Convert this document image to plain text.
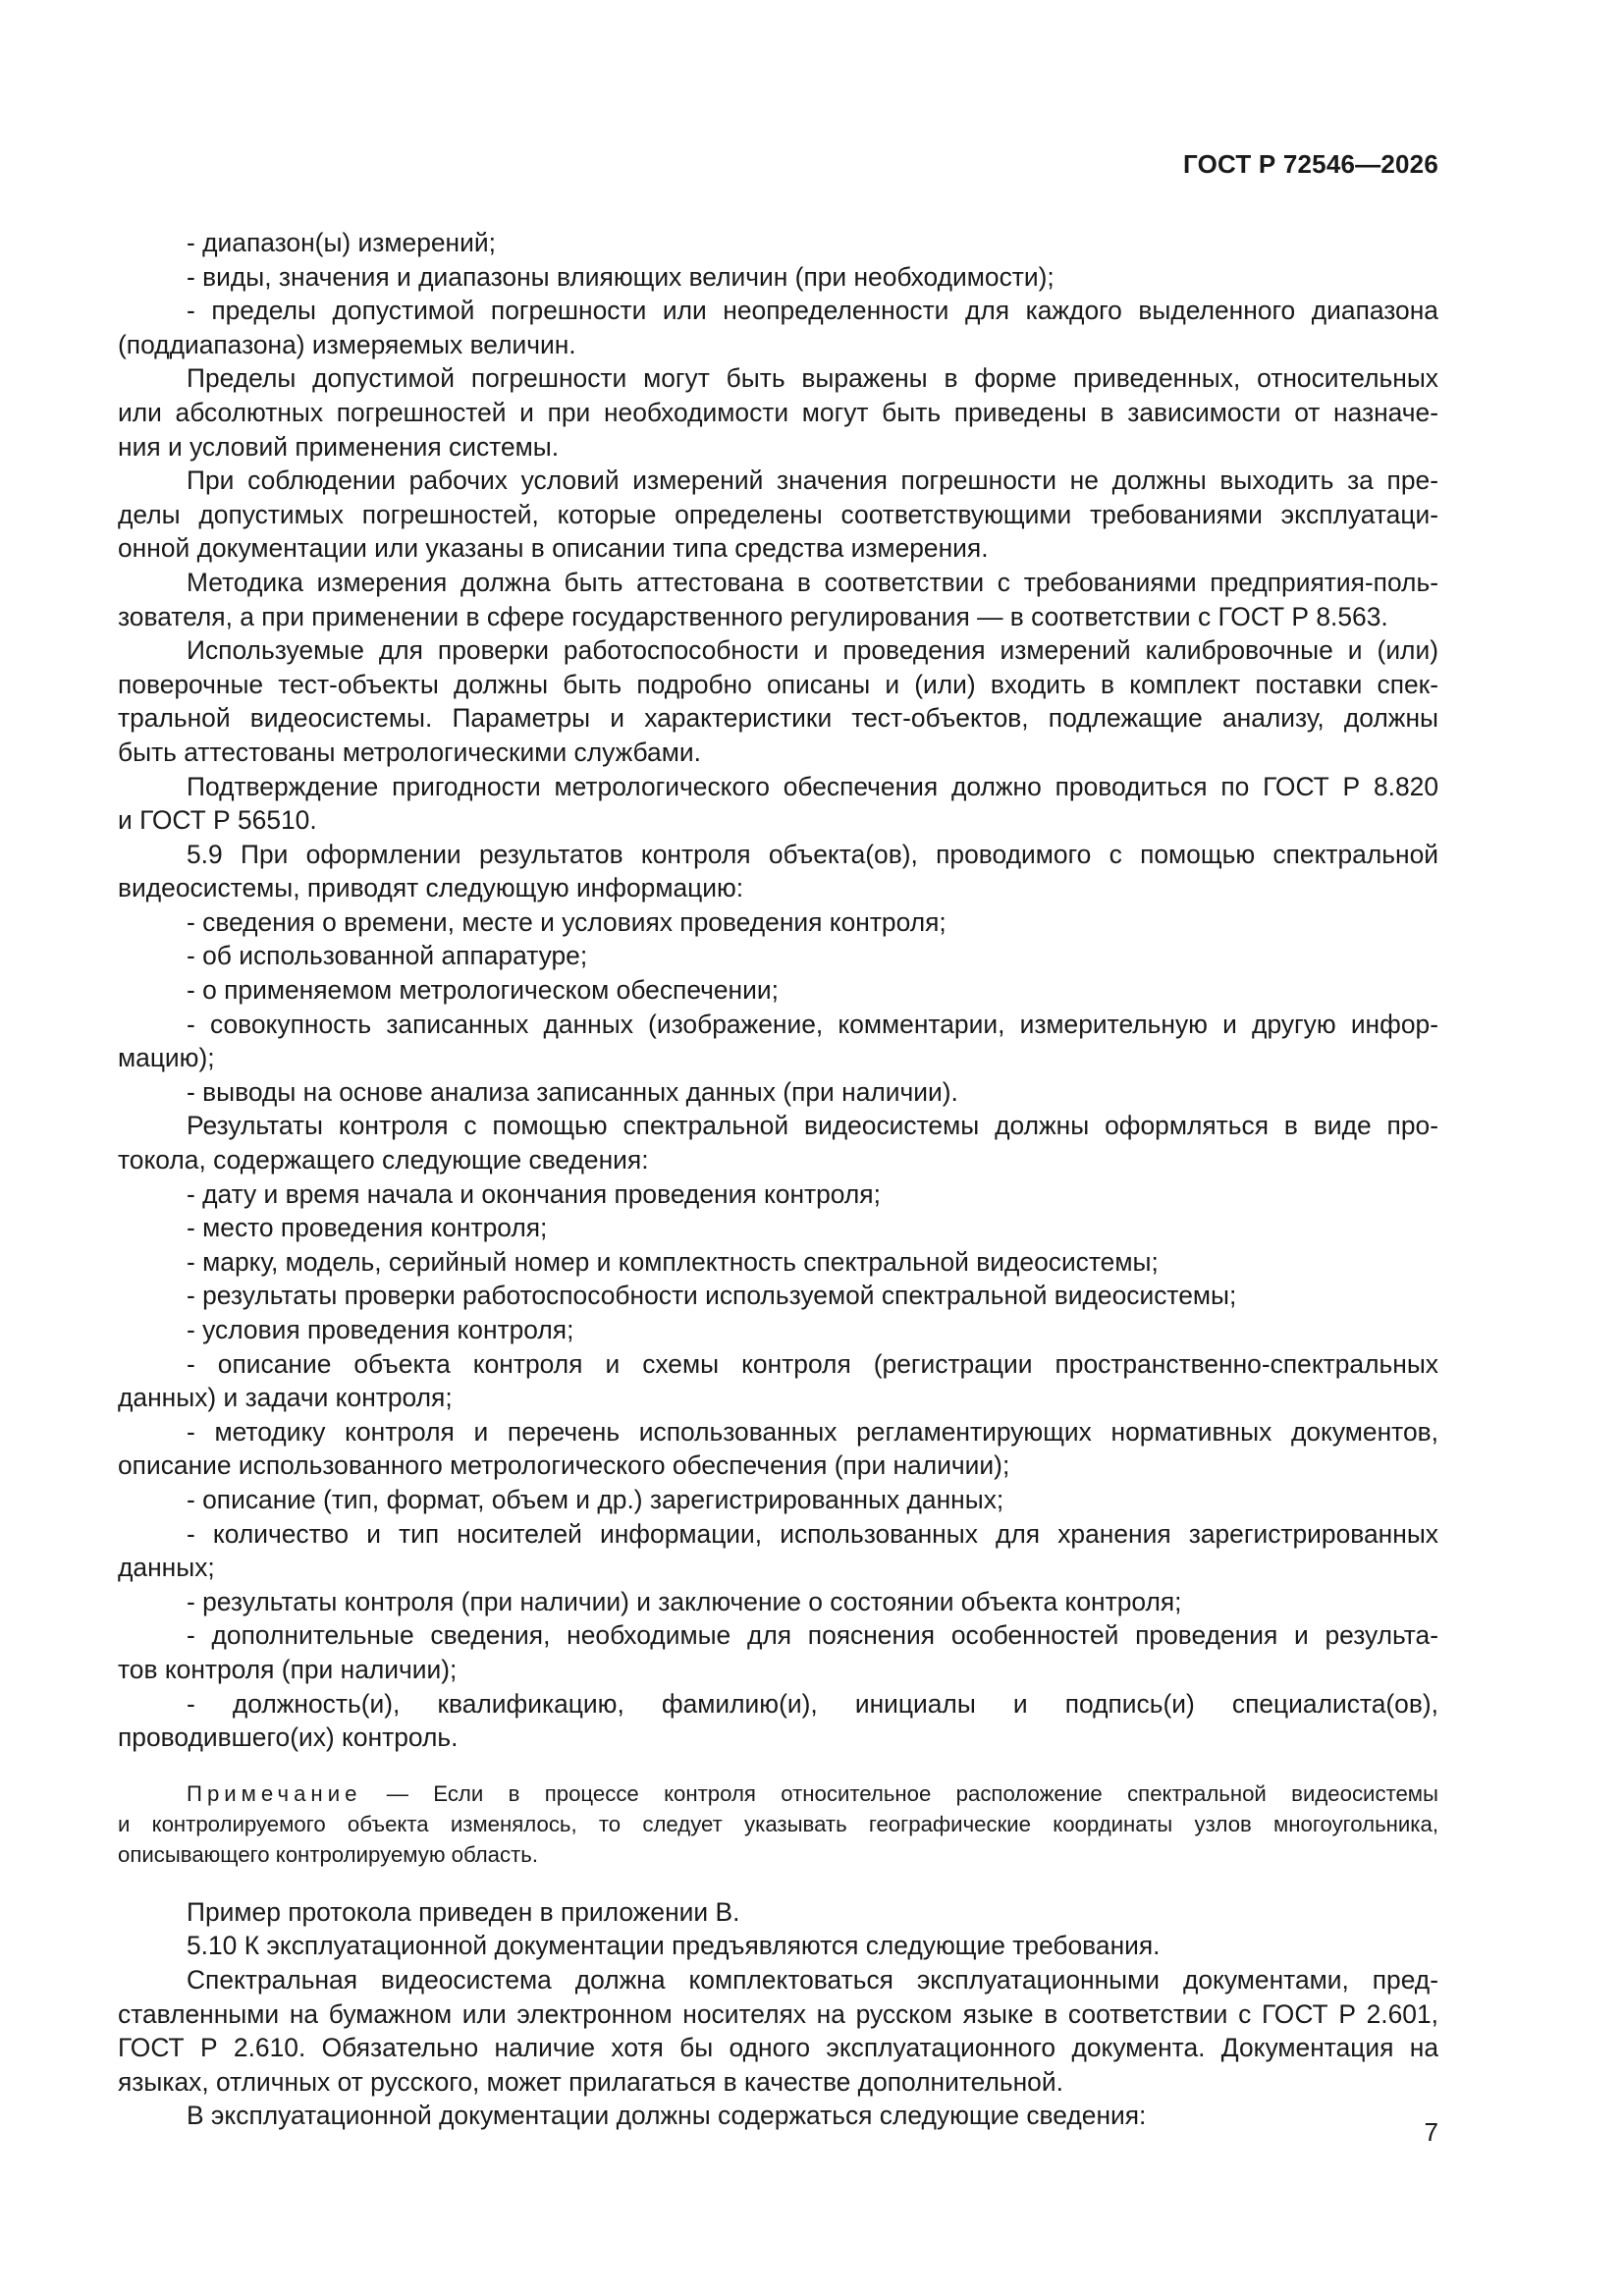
ГОСТ Р 72546—2026
- диапазон(ы) измерений;
- виды, значения и диапазоны влияющих величин (при необходимости);
- пределы допустимой погрешности или неопределенности для каждого выделенного диапазона
(поддиапазона) измеряемых величин.
Пределы допустимой погрешности могут быть выражены в форме приведенных, относительных
или абсолютных погрешностей и при необходимости могут быть приведены в зависимости от назначе-
ния и условий применения системы.
При соблюдении рабочих условий измерений значения погрешности не должны выходить за пре-
делы допустимых погрешностей, которые определены соответствующими требованиями эксплуатаци-
онной документации или указаны в описании типа средства измерения.
Методика измерения должна быть аттестована в соответствии с требованиями предприятия-поль-
зователя, а при применении в сфере государственного регулирования — в соответствии с ГОСТ Р 8.563.
Используемые для проверки работоспособности и проведения измерений калибровочные и (или)
поверочные тест-объекты должны быть подробно описаны и (или) входить в комплект поставки спек-
тральной видеосистемы. Параметры и характеристики тест-объектов, подлежащие анализу, должны
быть аттестованы метрологическими службами.
Подтверждение пригодности метрологического обеспечения должно проводиться по ГОСТ Р 8.820
и ГОСТ Р 56510.
5.9 При оформлении результатов контроля объекта(ов), проводимого с помощью спектральной
видеосистемы, приводят следующую информацию:
- сведения о времени, месте и условиях проведения контроля;
- об использованной аппаратуре;
- о применяемом метрологическом обеспечении;
- совокупность записанных данных (изображение, комментарии, измерительную и другую инфор-
мацию);
- выводы на основе анализа записанных данных (при наличии).
Результаты контроля с помощью спектральной видеосистемы должны оформляться в виде про-
токола, содержащего следующие сведения:
- дату и время начала и окончания проведения контроля;
- место проведения контроля;
- марку, модель, серийный номер и комплектность спектральной видеосистемы;
- результаты проверки работоспособности используемой спектральной видеосистемы;
- условия проведения контроля;
- описание объекта контроля и схемы контроля (регистрации пространственно-спектральных
данных) и задачи контроля;
- методику контроля и перечень использованных регламентирующих нормативных документов,
описание использованного метрологического обеспечения (при наличии);
- описание (тип, формат, объем и др.) зарегистрированных данных;
- количество и тип носителей информации, использованных для хранения зарегистрированных
данных;
- результаты контроля (при наличии) и заключение о состоянии объекта контроля;
- дополнительные сведения, необходимые для пояснения особенностей проведения и результа-
тов контроля (при наличии);
- должность(и), квалификацию, фамилию(и), инициалы и подпись(и) специалиста(ов),
проводившего(их) контроль.
Примечание — Если в процессе контроля относительное расположение спектральной видеосистемы
и контролируемого объекта изменялось, то следует указывать географические координаты узлов многоугольника,
описывающего контролируемую область.
Пример протокола приведен в приложении В.
5.10 К эксплуатационной документации предъявляются следующие требования.
Спектральная видеосистема должна комплектоваться эксплуатационными документами, пред-
ставленными на бумажном или электронном носителях на русском языке в соответствии с ГОСТ Р 2.601,
ГОСТ Р 2.610. Обязательно наличие хотя бы одного эксплуатационного документа. Документация на
языках, отличных от русского, может прилагаться в качестве дополнительной.
В эксплуатационной документации должны содержаться следующие сведения:
7
